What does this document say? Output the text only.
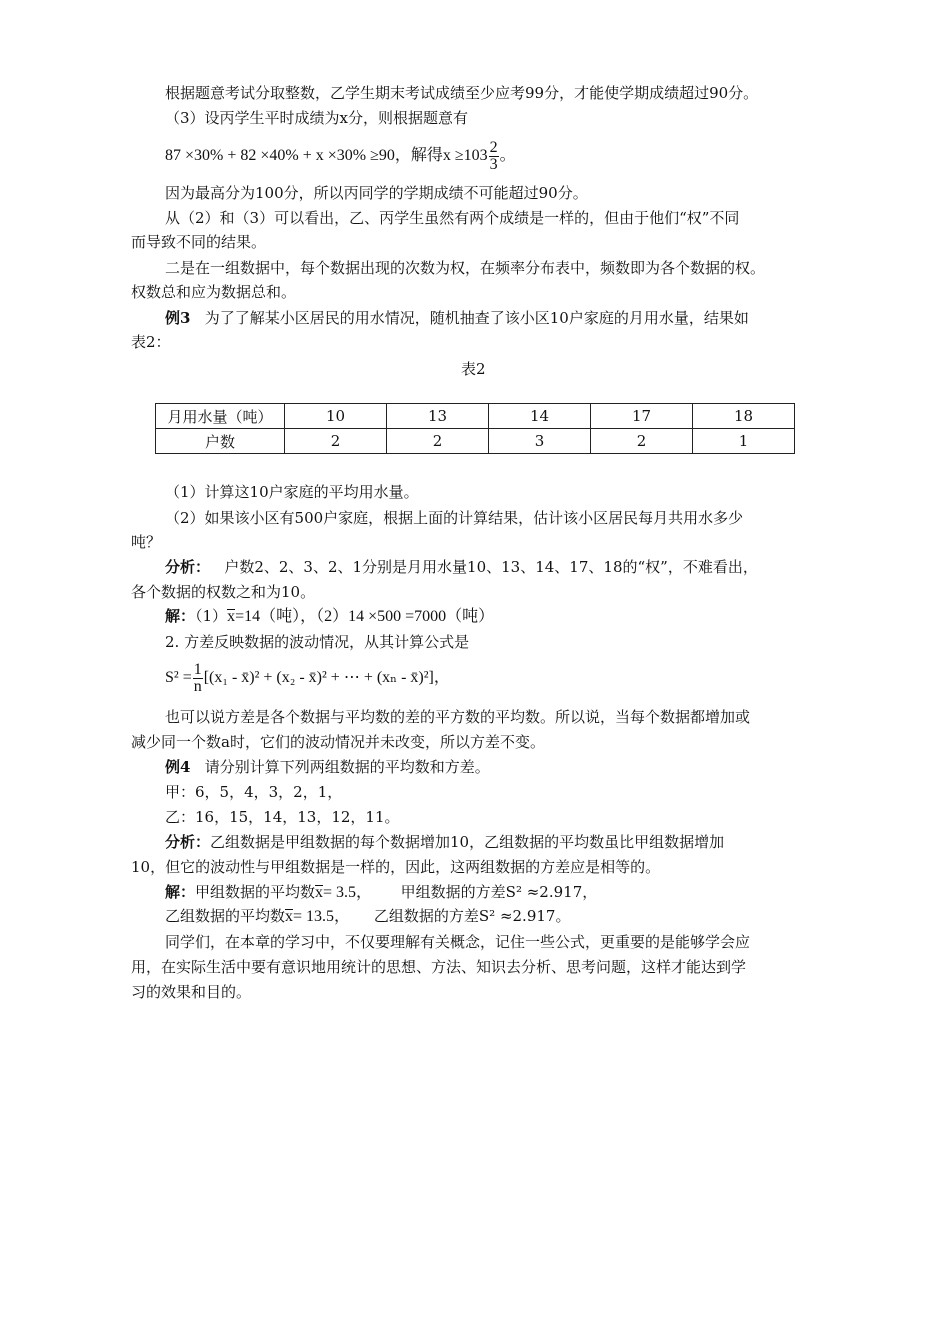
根据题意考试分取整数，乙学生期末考试成绩至少应考99分，才能使学期成绩超过90分。
（3）设丙学生平时成绩为x分，则根据题意有
87 ×30% + 82 ×40% + x ×30% ≥90，解得$x \ge 103 \frac{2}{3}$ 。
因为最高分为100分，所以丙同学的学期成绩不可能超过90分。
从（2）和（3）可以看出，乙、丙学生虽然有两个成绩是一样的，但由于他们“权”不同
而导致不同的结果。
二是在一组数据中，每个数据出现的次数为权，在频率分布表中，频数即为各个数据的权。
权数总和应为数据总和。
例3 为了了解某小区居民的用水情况，随机抽查了该小区10户家庭的月用水量，结果如
表2：
表2
月用水量（吨）	10	13	14	17	18
户数	2	2	3	2	1
（1）计算这10户家庭的平均用水量。
（2）如果该小区有500户家庭，根据上面的计算结果，估计该小区居民每月共用水多少
吨？
分析： 户数2、2、3、2、1分别是月用水量10、13、14、17、18的“权”，不难看出，
各个数据的权数之和为10。
解：（1）x=14（吨），（2）14 ×500 =7000（吨）
2. 方差反映数据的波动情况，从其计算公式是
$S^2 = \frac{1}{n} [(x_1$ - x̄)² + (x₂ - x̄)² + ⋯ + (xₙ - x̄)²]，
也可以说方差是各个数据与平均数的差的平方数的平均数。所以说，当每个数据都增加或
减少同一个数a时，它们的波动情况并未改变，所以方差不变。
例4 请分别计算下列两组数据的平均数和方差。
甲：6，5，4，3，2，1，
乙：16，15，14，13，12，11。
分析：乙组数据是甲组数据的每个数据增加10，乙组数据的平均数虽比甲组数据增加
10，但它的波动性与甲组数据是一样的，因此，这两组数据的方差应是相等的。
解：甲组数据的平均数x= 3.5， 甲组数据的方差S² ≈2.917，
乙组数据的平均数x= 13.5， 乙组数据的方差S² ≈2.917。
同学们，在本章的学习中，不仅要理解有关概念，记住一些公式，更重要的是能够学会应
用，在实际生活中要有意识地用统计的思想、方法、知识去分析、思考问题，这样才能达到学
习的效果和目的。
